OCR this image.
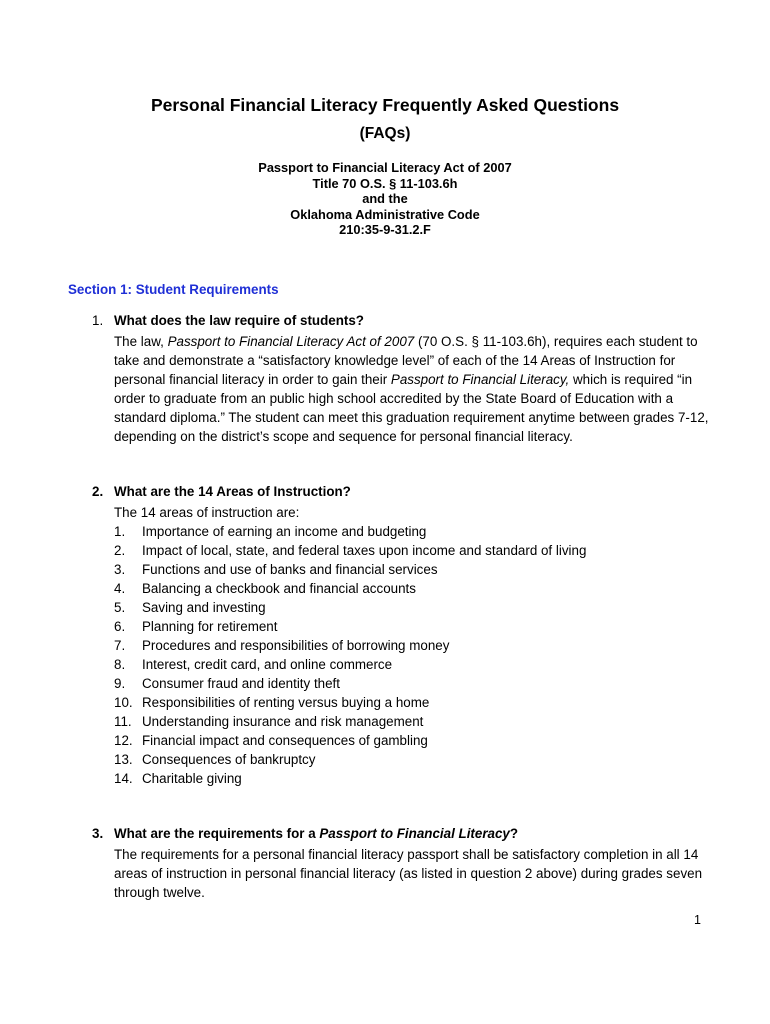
Personal Financial Literacy Frequently Asked Questions
(FAQs)
Passport to Financial Literacy Act of 2007
Title 70 O.S. § 11-103.6h
and the
Oklahoma Administrative Code
210:35-9-31.2.F
Section 1: Student Requirements
1. What does the law require of students?

The law, Passport to Financial Literacy Act of 2007 (70 O.S. § 11-103.6h), requires each student to take and demonstrate a “satisfactory knowledge level” of each of the 14 Areas of Instruction for personal financial literacy in order to gain their Passport to Financial Literacy, which is required “in order to graduate from an public high school accredited by the State Board of Education with a standard diploma.” The student can meet this graduation requirement anytime between grades 7-12, depending on the district’s scope and sequence for personal financial literacy.

2. What are the 14 Areas of Instruction?
The 14 areas of instruction are:
1. Importance of earning an income and budgeting
2. Impact of local, state, and federal taxes upon income and standard of living
3. Functions and use of banks and financial services
4. Balancing a checkbook and financial accounts
5. Saving and investing
6. Planning for retirement
7. Procedures and responsibilities of borrowing money
8. Interest, credit card, and online commerce
9. Consumer fraud and identity theft
10. Responsibilities of renting versus buying a home
11. Understanding insurance and risk management
12. Financial impact and consequences of gambling
13. Consequences of bankruptcy
14. Charitable giving
3. What are the requirements for a Passport to Financial Literacy?
The requirements for a personal financial literacy passport shall be satisfactory completion in all 14 areas of instruction in personal financial literacy (as listed in question 2 above) during grades seven through twelve.
1
